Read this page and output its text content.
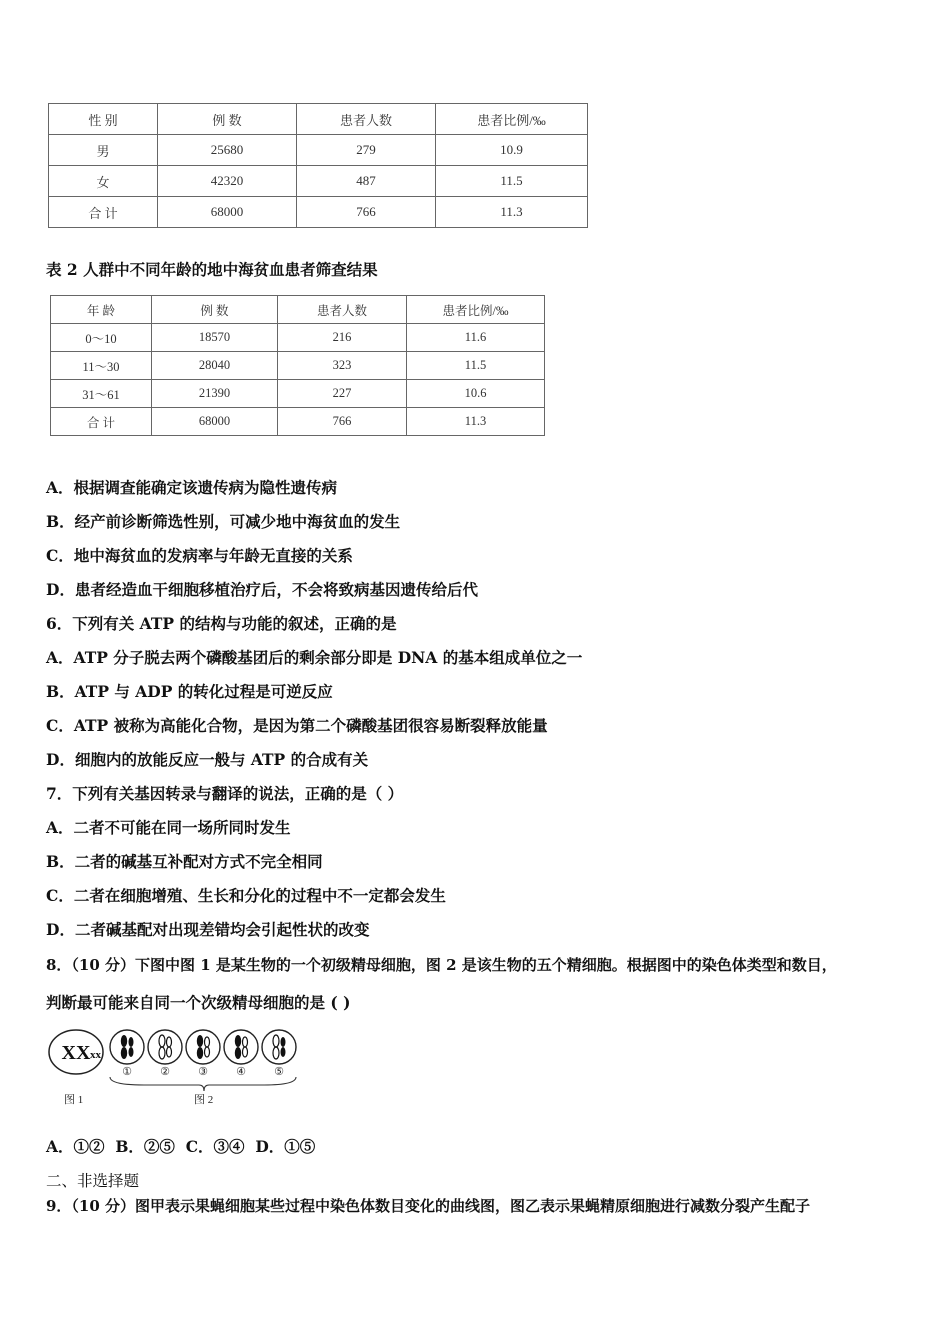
性 别	例 数	患者人数	患者比例/‰
男	25680	279	10.9
女	42320	487	11.5
合 计	68000	766	11.3
表 2 人群中不同年龄的地中海贫血患者筛查结果
年 龄	例 数	患者人数	患者比例/‰
0～10	18570	216	11.6
11～30	28040	323	11.5
31～61	21390	227	10.6
合 计	68000	766	11.3
A．根据调查能确定该遗传病为隐性遗传病
B．经产前诊断筛选性别，可减少地中海贫血的发生
C．地中海贫血的发病率与年龄无直接的关系
D．患者经造血干细胞移植治疗后，不会将致病基因遗传给后代
6．下列有关 ATP 的结构与功能的叙述，正确的是
A．ATP 分子脱去两个磷酸基团后的剩余部分即是 DNA 的基本组成单位之一
B．ATP 与 ADP 的转化过程是可逆反应
C．ATP 被称为高能化合物，是因为第二个磷酸基团很容易断裂释放能量
D．细胞内的放能反应一般与 ATP 的合成有关
7．下列有关基因转录与翻译的说法，正确的是（ ）
A．二者不可能在同一场所同时发生
B．二者的碱基互补配对方式不完全相同
C．二者在细胞增殖、生长和分化的过程中不一定都会发生
D．二者碱基配对出现差错均会引起性状的改变
8．（10 分）下图中图 1 是某生物的一个初级精母细胞，图 2 是该生物的五个精细胞。根据图中的染色体类型和数目，
判断最可能来自同一个次级精母细胞的是 ( )
XX xx
①	②	③	④	⑤
图 1	图 2
A．①②  B．②⑤  C．③④  D．①⑤
二、非选择题
9．（10 分）图甲表示果蝇细胞某些过程中染色体数目变化的曲线图，图乙表示果蝇精原细胞进行减数分裂产生配子
